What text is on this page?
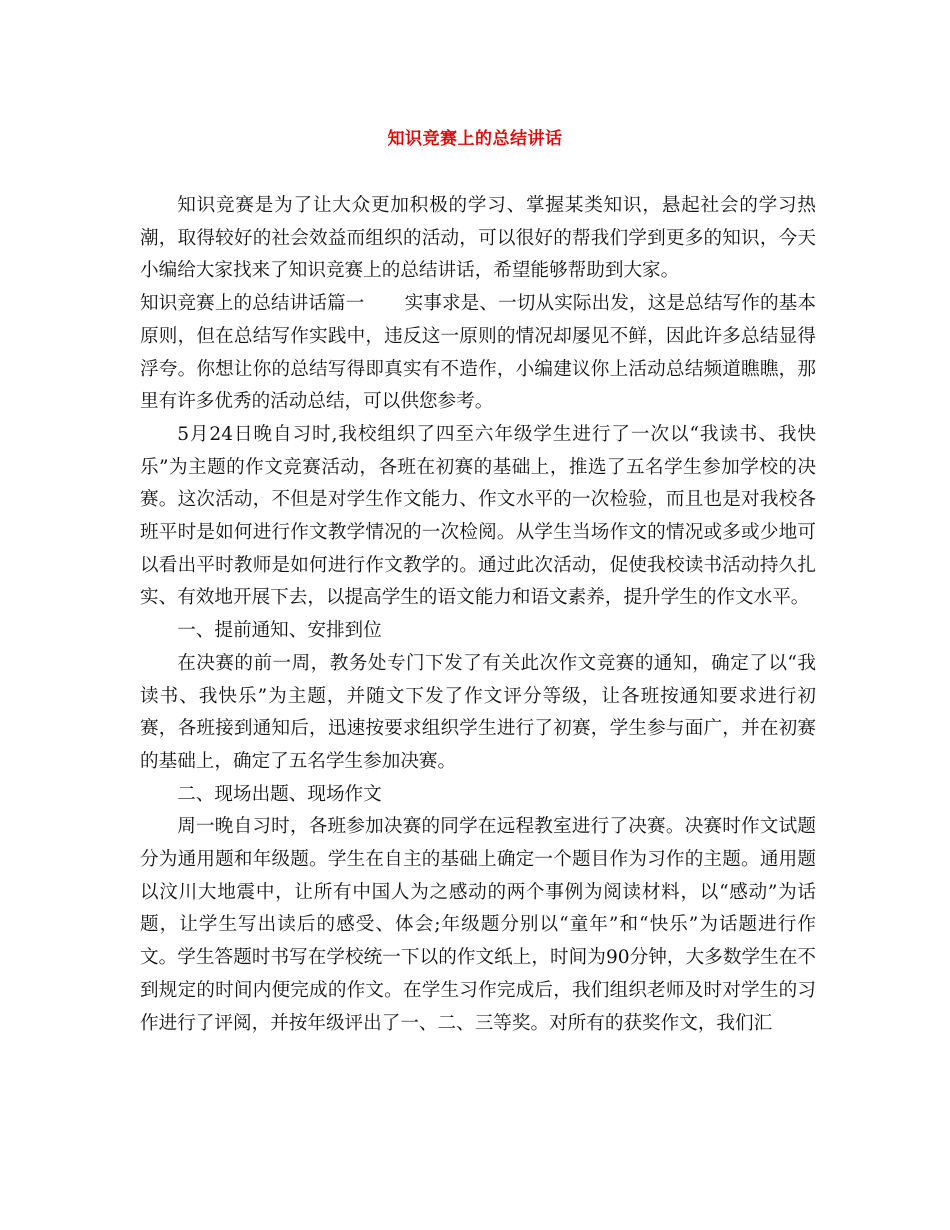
知识竞赛上的总结讲话

知识竞赛是为了让大众更加积极的学习、掌握某类知识，悬起社会的学习热潮，取得较好的社会效益而组织的活动，可以很好的帮我们学到更多的知识，今天小编给大家找来了知识竞赛上的总结讲话，希望能够帮助到大家。

知识竞赛上的总结讲话篇一 实事求是、一切从实际出发，这是总结写作的基本原则，但在总结写作实践中，违反这一原则的情况却屡见不鲜，因此许多总结显得浮夸。你想让你的总结写得即真实有不造作，小编建议你上活动总结频道瞧瞧，那里有许多优秀的活动总结，可以供您参考。

5月24日晚自习时,我校组织了四至六年级学生进行了一次以“我读书、我快乐”为主题的作文竞赛活动，各班在初赛的基础上，推选了五名学生参加学校的决赛。这次活动，不但是对学生作文能力、作文水平的一次检验，而且也是对我校各班平时是如何进行作文教学情况的一次检阅。从学生当场作文的情况或多或少地可以看出平时教师是如何进行作文教学的。通过此次活动，促使我校读书活动持久扎实、有效地开展下去，以提高学生的语文能力和语文素养，提升学生的作文水平。

一、提前通知、安排到位

在决赛的前一周，教务处专门下发了有关此次作文竞赛的通知，确定了以“我读书、我快乐”为主题，并随文下发了作文评分等级，让各班按通知要求进行初赛，各班接到通知后，迅速按要求组织学生进行了初赛，学生参与面广，并在初赛的基础上，确定了五名学生参加决赛。

二、现场出题、现场作文

周一晚自习时，各班参加决赛的同学在远程教室进行了决赛。决赛时作文试题分为通用题和年级题。学生在自主的基础上确定一个题目作为习作的主题。通用题以汶川大地震中，让所有中国人为之感动的两个事例为阅读材料，以“感动”为话题，让学生写出读后的感受、体会;年级题分别以“童年”和“快乐”为话题进行作文。学生答题时书写在学校统一下以的作文纸上，时间为90分钟，大多数学生在不到规定的时间内便完成的作文。在学生习作完成后，我们组织老师及时对学生的习作进行了评阅，并按年级评出了一、二、三等奖。对所有的获奖作文，我们汇
